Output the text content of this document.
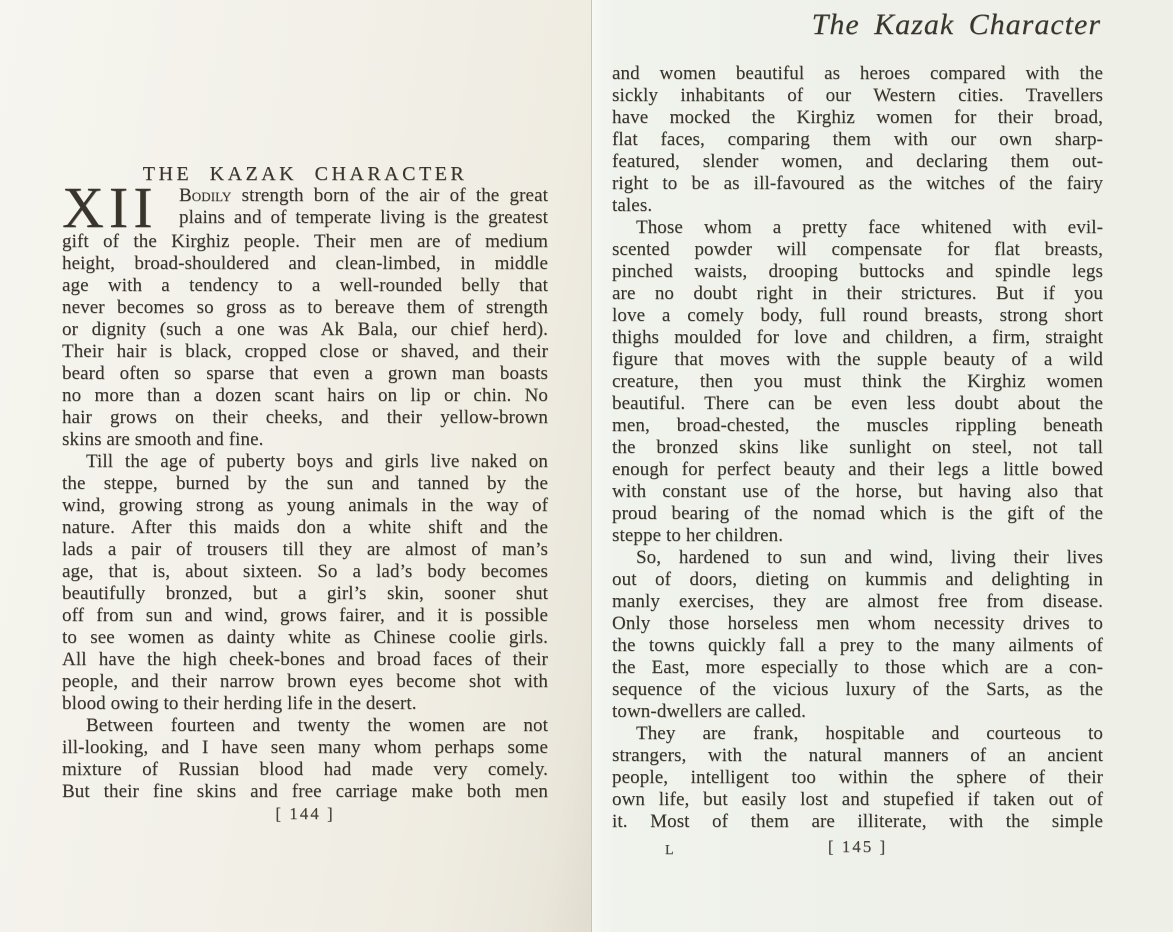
THE KAZAK CHARACTER
XII	Bodily strength born of the air of the great
plains and of temperate living is the greatest
gift of the Kirghiz people. Their men are of medium
height, broad-shouldered and clean-limbed, in middle
age with a tendency to a well-rounded belly that
never becomes so gross as to bereave them of strength
or dignity (such a one was Ak Bala, our chief herd).
Their hair is black, cropped close or shaved, and their
beard often so sparse that even a grown man boasts
no more than a dozen scant hairs on lip or chin. No
hair grows on their cheeks, and their yellow-brown
skins are smooth and fine.
Till the age of puberty boys and girls live naked on
the steppe, burned by the sun and tanned by the
wind, growing strong as young animals in the way of
nature. After this maids don a white shift and the
lads a pair of trousers till they are almost of man’s
age, that is, about sixteen. So a lad’s body becomes
beautifully bronzed, but a girl’s skin, sooner shut
off from sun and wind, grows fairer, and it is possible
to see women as dainty white as Chinese coolie girls.
All have the high cheek-bones and broad faces of their
people, and their narrow brown eyes become shot with
blood owing to their herding life in the desert.
Between fourteen and twenty the women are not
ill-looking, and I have seen many whom perhaps some
mixture of Russian blood had made very comely.
But their fine skins and free carriage make both men
[ 144 ]
The Kazak Character
and women beautiful as heroes compared with the
sickly inhabitants of our Western cities. Travellers
have mocked the Kirghiz women for their broad,
flat faces, comparing them with our own sharp-
featured, slender women, and declaring them out-
right to be as ill-favoured as the witches of the fairy
tales.
Those whom a pretty face whitened with evil-
scented powder will compensate for flat breasts,
pinched waists, drooping buttocks and spindle legs
are no doubt right in their strictures. But if you
love a comely body, full round breasts, strong short
thighs moulded for love and children, a firm, straight
figure that moves with the supple beauty of a wild
creature, then you must think the Kirghiz women
beautiful. There can be even less doubt about the
men, broad-chested, the muscles rippling beneath
the bronzed skins like sunlight on steel, not tall
enough for perfect beauty and their legs a little bowed
with constant use of the horse, but having also that
proud bearing of the nomad which is the gift of the
steppe to her children.
So, hardened to sun and wind, living their lives
out of doors, dieting on kummis and delighting in
manly exercises, they are almost free from disease.
Only those horseless men whom necessity drives to
the towns quickly fall a prey to the many ailments of
the East, more especially to those which are a con-
sequence of the vicious luxury of the Sarts, as the
town-dwellers are called.
They are frank, hospitable and courteous to
strangers, with the natural manners of an ancient
people, intelligent too within the sphere of their
own life, but easily lost and stupefied if taken out of
it. Most of them are illiterate, with the simple
L	[ 145 ]
